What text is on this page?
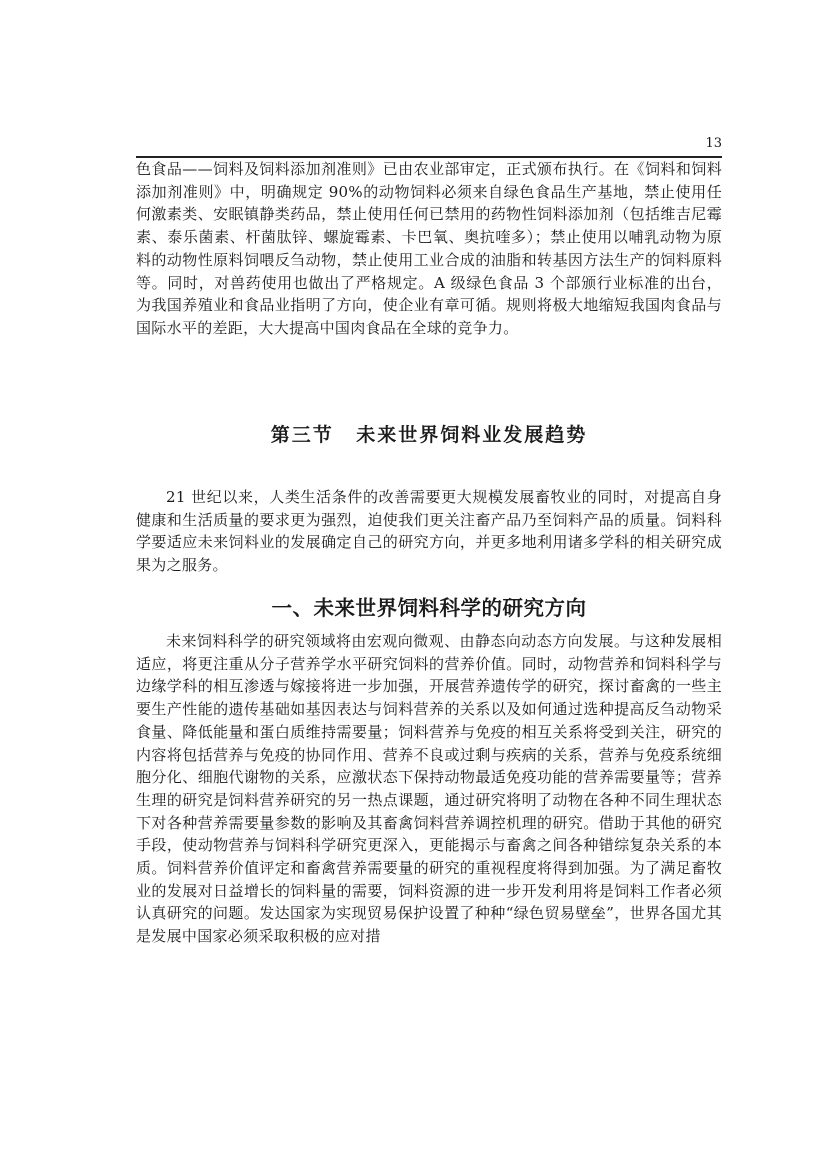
13

色食品——饲料及饲料添加剂准则》已由农业部审定，正式颁布执行。在《饲料和饲料添加剂准则》中，明确规定 90%的动物饲料必须来自绿色食品生产基地，禁止使用任何激素类、安眠镇静类药品，禁止使用任何已禁用的药物性饲料添加剂（包括维吉尼霉素、泰乐菌素、杆菌肽锌、螺旋霉素、卡巴氧、奥抗喹多）；禁止使用以哺乳动物为原料的动物性原料饲喂反刍动物，禁止使用工业合成的油脂和转基因方法生产的饲料原料等。同时，对兽药使用也做出了严格规定。A 级绿色食品 3 个部颁行业标准的出台，为我国养殖业和食品业指明了方向，使企业有章可循。规则将极大地缩短我国肉食品与国际水平的差距，大大提高中国肉食品在全球的竞争力。

第三节 未来世界饲料业发展趋势

21 世纪以来，人类生活条件的改善需要更大规模发展畜牧业的同时，对提高自身健康和生活质量的要求更为强烈，迫使我们更关注畜产品乃至饲料产品的质量。饲料科学要适应未来饲料业的发展确定自己的研究方向，并更多地利用诸多学科的相关研究成果为之服务。

一、未来世界饲料科学的研究方向

未来饲料科学的研究领域将由宏观向微观、由静态向动态方向发展。与这种发展相适应，将更注重从分子营养学水平研究饲料的营养价值。同时，动物营养和饲料科学与边缘学科的相互渗透与嫁接将进一步加强，开展营养遗传学的研究，探讨畜禽的一些主要生产性能的遗传基础如基因表达与饲料营养的关系以及如何通过选种提高反刍动物采食量、降低能量和蛋白质维持需要量；饲料营养与免疫的相互关系将受到关注，研究的内容将包括营养与免疫的协同作用、营养不良或过剩与疾病的关系，营养与免疫系统细胞分化、细胞代谢物的关系，应激状态下保持动物最适免疫功能的营养需要量等；营养生理的研究是饲料营养研究的另一热点课题，通过研究将明了动物在各种不同生理状态下对各种营养需要量参数的影响及其畜禽饲料营养调控机理的研究。借助于其他的研究手段，使动物营养与饲料科学研究更深入，更能揭示与畜禽之间各种错综复杂关系的本质。饲料营养价值评定和畜禽营养需要量的研究的重视程度将得到加强。为了满足畜牧业的发展对日益增长的饲料量的需要，饲料资源的进一步开发利用将是饲料工作者必须认真研究的问题。发达国家为实现贸易保护设置了种种“绿色贸易壁垒”，世界各国尤其是发展中国家必须采取积极的应对措
